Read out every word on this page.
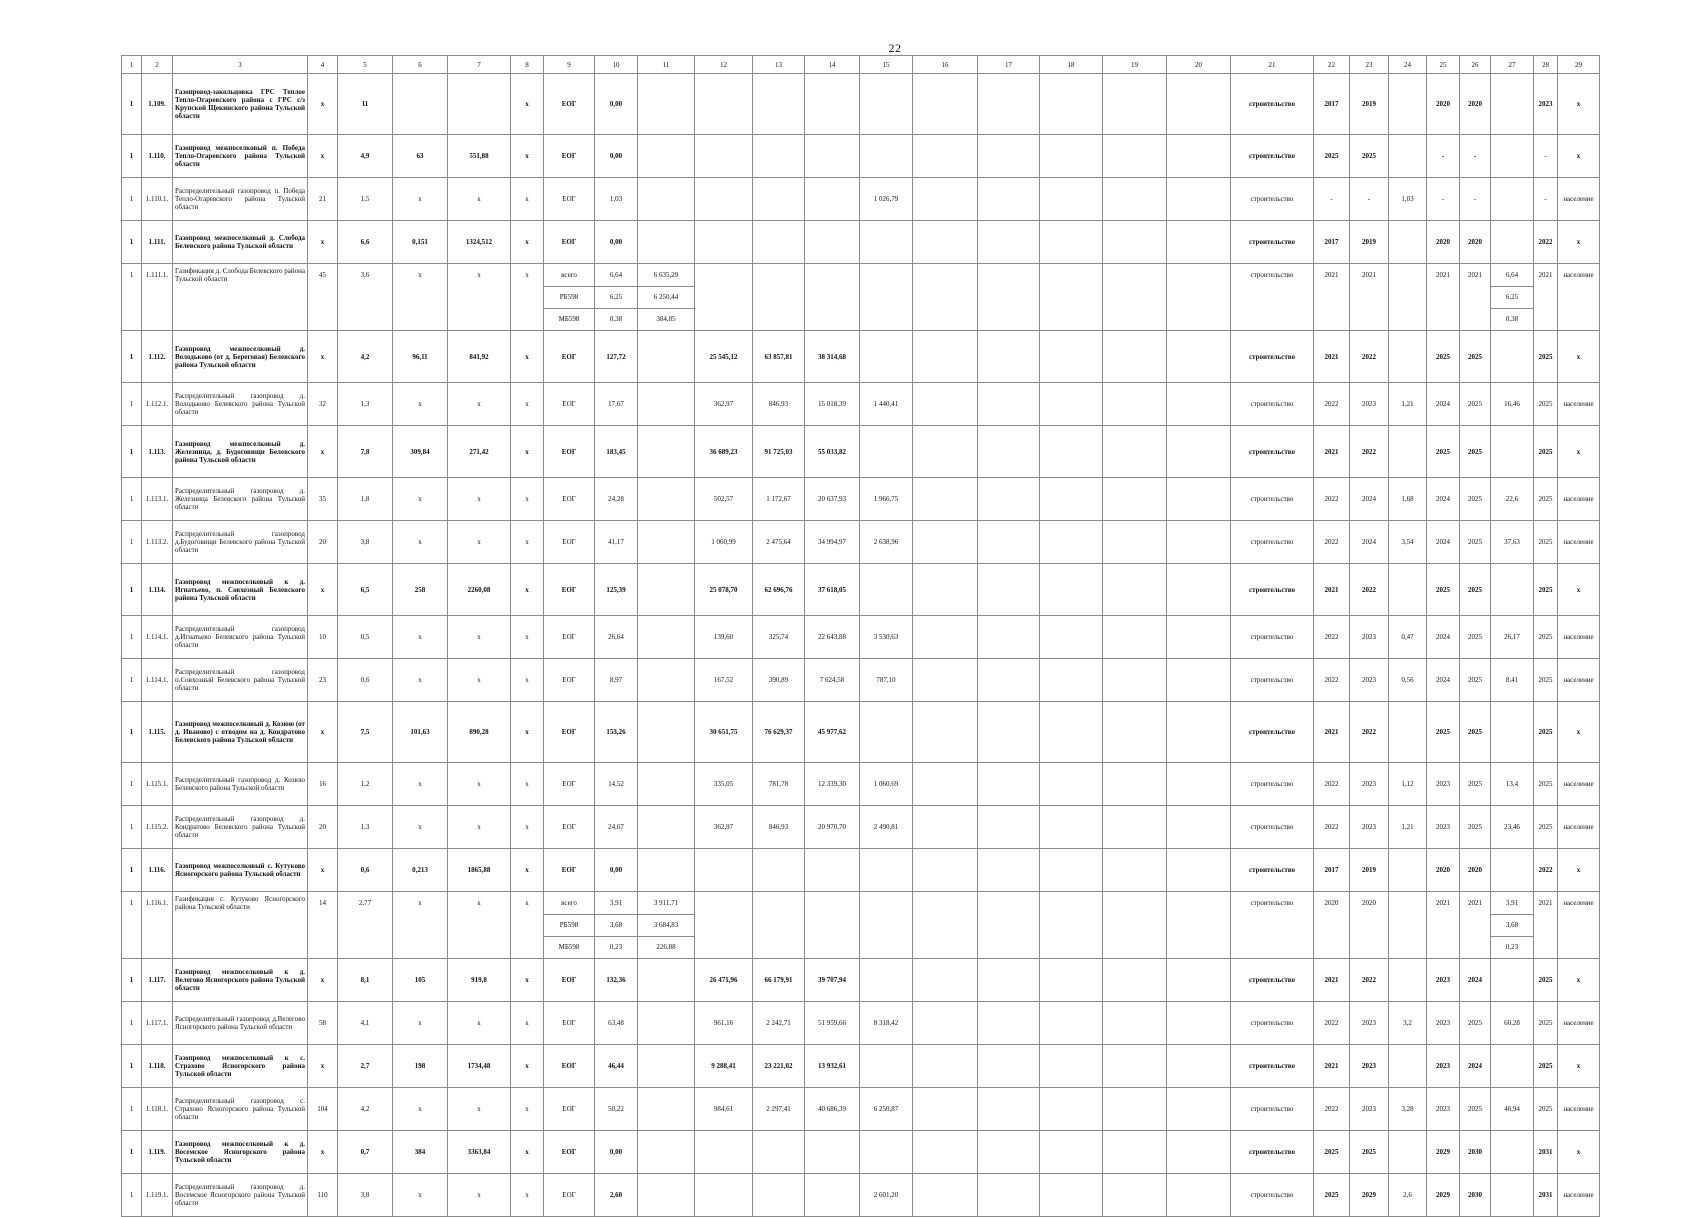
22
1	2	3	4	5	6	7	8	9	10	11	12	13	14	15	16	17	18	19	20	21	22	23	24	25	26	27	28	29
1	1.109.	Газопровод-закольцовка ГРС Теплое Тепло-Огаревского района с ГРС с/з Крупской Щекинского района Тульской области	х	11			х	ЕОГ	0,00											строительство	2017	2019		2020	2020		2023	х
1	1.110.	Газопровод межпоселковый п. Победа Тепло-Огаревского района Тульской области	х	4,9	63	551,88	х	ЕОГ	0,00											строительство	2025	2025		-	-		-	х
1	1.110.1.	Распределительный газопровод п. Победа Тепло-Огаревского района Тульской области	21	1,5	х	х	х	ЕОГ	1,03					1 026,79						строительство	-	-	1,03	-	-		-	население
1	1.111.	Газопровод межпоселковый д. Слобода Белевского района Тульской области	х	6,6	0,151	1324,512	х	ЕОГ	0,00											строительство	2017	2019		2020	2020		2022	х
1	1.111.1.	Газификация д. Слобода Белевского района Тульской области	45	3,6	х	х	х	всего	6,64	6 635,29										строительство	2021	2021		2021	2021	6,64	2021	население
								РБ598	6,25	6 250,44																6,25		
								МБ598	0,38	384,85																0,38		
1	1.112.	Газопровод межпоселковый д. Володьково (от д. Береговая) Белевского района Тульской области	х	4,2	96,11	841,92	х	ЕОГ	127,72		25 545,12	63 857,81	38 314,68							строительство	2021	2022		2025	2025		2025	х
1	1.112.1.	Распределительный газопровод д. Володьково Белевского района Тульской области	32	1,3	х	х	х	ЕОГ	17,67		362,97	846,93	15 018,39	1 440,41						строительство	2022	2023	1,21	2024	2025	16,46	2025	население
1	1.113.	Газопровод межпоселковый д. Железница, д. Будоговищи Белевского района Тульской области	х	7,8	309,84	271,42	х	ЕОГ	183,45		36 689,23	91 725,03	55 033,82							строительство	2021	2022		2025	2025		2025	х
1	1.113.1.	Распределительный газопровод д. Железница Белевского района Тульской области	35	1,8	х	х	х	ЕОГ	24,28		502,57	1 172,67	20 637,93	1 966,75						строительство	2022	2024	1,68	2024	2025	22,6	2025	население
1	1.113.2.	Распределительный газопровод д.Будоговищи Белевского района Тульской области	20	3,8	х	х	х	ЕОГ	41,17		1 060,99	2 475,64	34 994,97	2 638,96						строительство	2022	2024	3,54	2024	2025	37,63	2025	население
1	1.114.	Газопровод межпоселковый к д. Игнатьево, п. Совхозный Белевского района Тульской области	х	6,5	258	2260,08	х	ЕОГ	125,39		25 078,70	62 696,76	37 618,05							строительство	2021	2022		2025	2025		2025	х
1	1.114.1.	Распределительный газопровод д.Игнатьево Белевского района Тульской области	10	0,5	х	х	х	ЕОГ	26,64		139,60	325,74	22 643,88	3 530,63						строительство	2022	2023	0,47	2024	2025	26,17	2025	население
1	1.114.1.	Распределительный газопровод п.Совхозный Белевского района Тульской области	23	0,6	х	х	х	ЕОГ	8,97		167,52	390,89	7 624,58	787,10						строительство	2022	2023	0,56	2024	2025	8,41	2025	население
1	1.115.	Газопровод межпоселковый д. Козюю (от д. Иваново) с отводом на д. Кондратово Белевского района Тульской области	х	7,5	101,63	890,28	х	ЕОГ	153,26		30 651,75	76 629,37	45 977,62							строительство	2021	2022		2025	2025		2025	х
1	1.115.1.	Распределительный газопровод д. Козюю Белевского района Тульской области	16	1,2	х	х	х	ЕОГ	14,52		335,05	781,78	12 339,30	1 060,69						строительство	2022	2023	1,12	2023	2025	13,4	2025	население
1	1.115.2.	Распределительный газопровод д. Кондратово Белевского района Тульской области	20	1,3	х	х	х	ЕОГ	24,67		362,97	846,93	20 970,70	2 490,81						строительство	2022	2023	1,21	2023	2025	23,46	2025	население
1	1.116.	Газопровод межпоселковый с. Кутуково Ясногорского района Тульской области	х	0,6	0,213	1865,88	х	ЕОГ	0,00											строительство	2017	2019		2020	2020		2022	х
1	1.116.1.	Газификация с. Кутуково Ясногорского района Тульской области	14	2,77	х	х	х	всего	3,91	3 911,71										строительство	2020	2020		2021	2021	3,91	2021	население
								РБ598	3,68	3 684,83																3,68		
								МБ598	0,23	226,88																0,23		
1	1.117.	Газопровод межпоселковый к д. Велегово Ясногорского района Тульской области	х	8,1	105	919,8	х	ЕОГ	132,36		26 471,96	66 179,91	39 707,94							строительство	2021	2022		2023	2024		2025	х
1	1.117.1.	Распределительный газопровод д.Велегово Ясногорского района Тульской области	58	4,1	х	х	х	ЕОГ	63,48		961,16	2 242,71	51 959,66	8 318,42						строительство	2022	2023	3,2	2023	2025	60,28	2025	население
1	1.118.	Газопровод межпоселковый к с. Страхово Ясногорского района Тульской области	х	2,7	198	1734,48	х	ЕОГ	46,44		9 288,41	23 221,02	13 932,61							строительство	2021	2023		2023	2024		2025	х
1	1.118.1.	Распределительный газопровод с. Страхово Ясногорского района Тульской области	104	4,2	х	х	х	ЕОГ	50,22		984,61	2 297,41	40 686,39	6 250,87						строительство	2022	2023	3,28	2023	2025	46,94	2025	население
1	1.119.	Газопровод межпоселковый к д. Восемское Ясногорского района Тульской области	х	0,7	384	3363,84	х	ЕОГ	0,00											строительство	2025	2025		2029	2030		2031	х
1	1.119.1.	Распределительный газопровод д. Восемское Ясногорского района Тульской области	110	3,8	х	х	х	ЕОГ	2,60					2 601,20						строительство	2025	2029	2,6	2029	2030		2031	население
